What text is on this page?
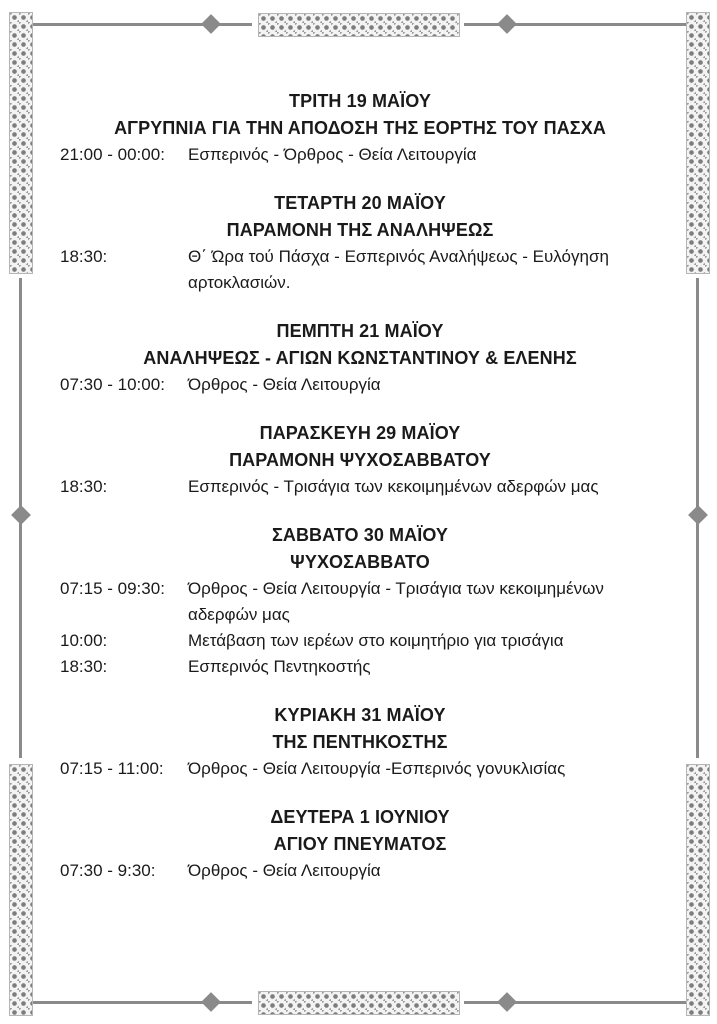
ΤΡΙΤΗ 19 ΜΑΪΟΥ
ΑΓΡΥΠΝΙΑ ΓΙΑ ΤΗΝ ΑΠΟΔΟΣΗ ΤΗΣ ΕΟΡΤΗΣ ΤΟΥ ΠΑΣΧΑ
21:00 - 00:00:	Εσπερινός - Όρθρος - Θεία Λειτουργία
ΤΕΤΑΡΤΗ 20 ΜΑΪΟΥ
ΠΑΡΑΜΟΝΗ ΤΗΣ ΑΝΑΛΗΨΕΩΣ
18:30:	Θ΄ Ώρα τού Πάσχα - Εσπερινός Αναλήψεως - Ευλόγηση αρτοκλασιών.
ΠΕΜΠΤΗ 21 ΜΑΪΟΥ
ΑΝΑΛΗΨΕΩΣ - ΑΓΙΩΝ ΚΩΝΣΤΑΝΤΙΝΟΥ & ΕΛΕΝΗΣ
07:30 - 10:00:	Όρθρος - Θεία Λειτουργία
ΠΑΡΑΣΚΕΥΗ 29 ΜΑΪΟΥ
ΠΑΡΑΜΟΝΗ ΨΥΧΟΣΑΒΒΑΤΟΥ
18:30:	Εσπερινός - Τρισάγια των κεκοιμημένων αδερφών μας
ΣΑΒΒΑΤΟ 30 ΜΑΪΟΥ
ΨΥΧΟΣΑΒΒΑΤΟ
07:15 - 09:30:	Όρθρος - Θεία Λειτουργία - Τρισάγια των κεκοιμημένων αδερφών μας
10:00:	Μετάβαση των ιερέων στο κοιμητήριο για τρισάγια
18:30:	Εσπερινός Πεντηκοστής
ΚΥΡΙΑΚΗ 31 ΜΑΪΟΥ
ΤΗΣ ΠΕΝΤΗΚΟΣΤΗΣ
07:15 - 11:00:	Όρθρος - Θεία Λειτουργία -Εσπερινός γονυκλισίας
ΔΕΥΤΕΡΑ 1 ΙΟΥΝΙΟΥ
ΑΓΙΟΥ ΠΝΕΥΜΑΤΟΣ
07:30 - 9:30:	Όρθρος - Θεία Λειτουργία
